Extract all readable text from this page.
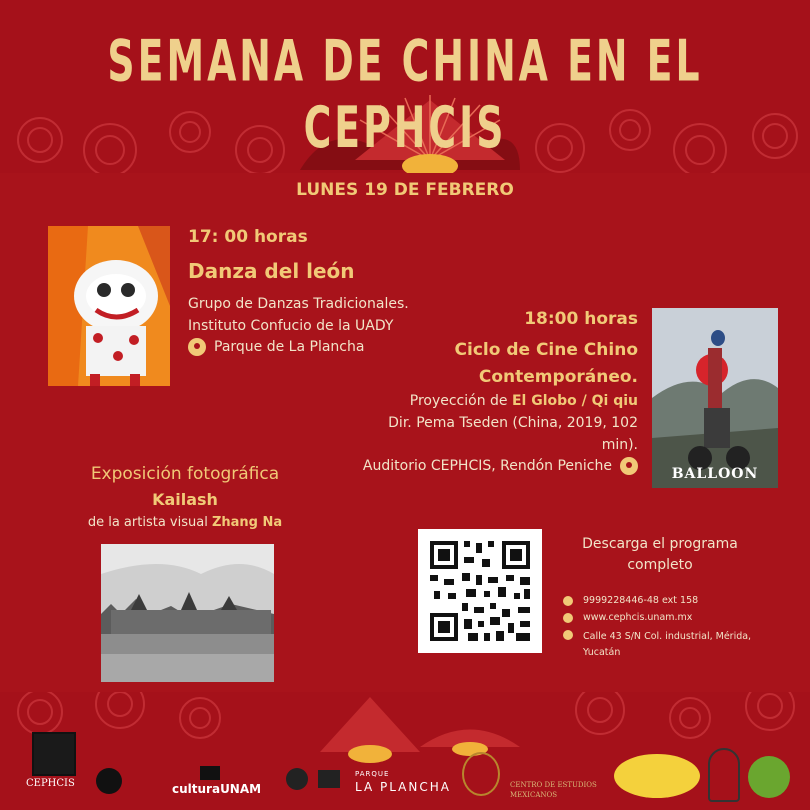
SEMANA DE CHINA EN EL CEPHCIS
LUNES 19 DE FEBRERO
17: 00 horas
Danza del león
Grupo de Danzas Tradicionales.
Instituto Confucio de la UADY
Parque de La Plancha
18:00 horas
Ciclo de Cine Chino
Contemporáneo.
Proyección de El Globo / Qi qiu
Dir. Pema Tseden (China, 2019, 102
min).
Auditorio CEPHCIS, Rendón Peniche	BALLOON
Exposición fotográfica
Kailash
de la artista visual Zhang Na
Descarga el programa
completo
9999228446-48 ext 158
www.cephcis.unam.mx
Calle 43 S/N Col. industrial, Mérida,
Yucatán
CEPHCIS	culturaUNAM
PARQUE
LA PLANCHA	CENTRO DE ESTUDIOS MEXICANOS
